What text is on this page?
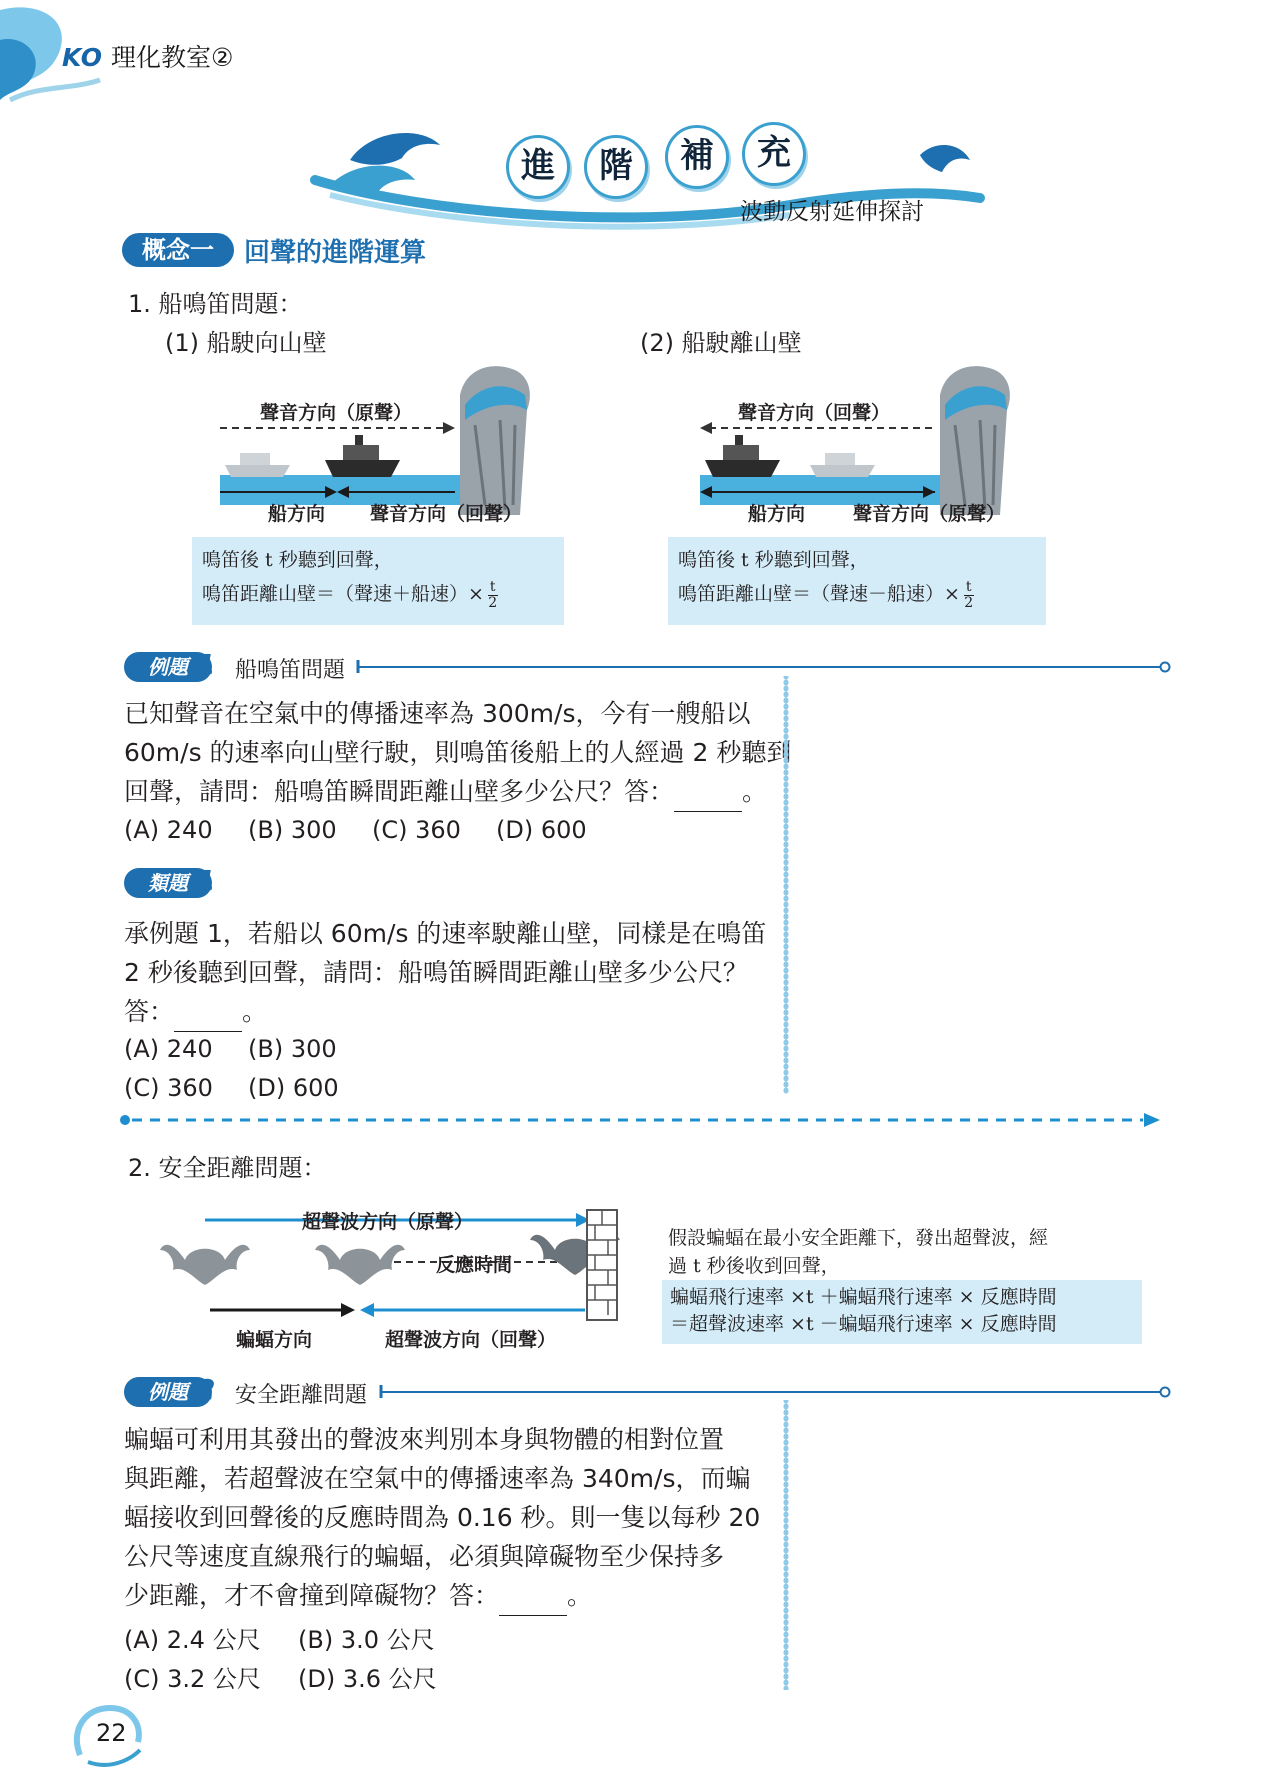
KO 理化教室②
進	階	補	充
波動反射延伸探討
概念一	回聲的進階運算
1. 船鳴笛問題：
(1) 船駛向山壁	(2) 船駛離山壁
聲音方向（原聲）
船方向 聲音方向（回聲）
鳴笛後 t 秒聽到回聲，
鳴笛距離山壁＝（聲速＋船速）× $\frac{t}{2}$
聲音方向（回聲）
船方向	聲音方向（原聲）
鳴笛後 t 秒聽到回聲，
鳴笛距離山壁＝（聲速－船速）× $\frac{t}{2}$
例題 1 船鳴笛問題
已知聲音在空氣中的傳播速率為 300m/s，今有一艘船以
60m/s 的速率向山壁行駛，則鳴笛後船上的人經過 2 秒聽到
回聲，請問：船鳴笛瞬間距離山壁多少公尺？答：	。
(A) 240 (B) 300 (C) 360 (D) 600
類題 1
承例題 1，若船以 60m/s 的速率駛離山壁，同樣是在鳴笛
2 秒後聽到回聲，請問：船鳴笛瞬間距離山壁多少公尺？
答：	。
(A) 240 (B) 300
(C) 360 (D) 600
2. 安全距離問題：
超聲波方向（原聲）
反應時間
蝙蝠方向	超聲波方向（回聲）
假設蝙蝠在最小安全距離下，發出超聲波，經
過 t 秒後收到回聲，
蝙蝠飛行速率 ×t ＋蝙蝠飛行速率 × 反應時間
＝超聲波速率 ×t －蝙蝠飛行速率 × 反應時間
例題 2 安全距離問題
蝙蝠可利用其發出的聲波來判別本身與物體的相對位置
與距離，若超聲波在空氣中的傳播速率為 340m/s，而蝙
蝠接收到回聲後的反應時間為 0.16 秒。則一隻以每秒 20
公尺等速度直線飛行的蝙蝠，必須與障礙物至少保持多
少距離，才不會撞到障礙物？答：	。
(A) 2.4 公尺 (B) 3.0 公尺
(C) 3.2 公尺 (D) 3.6 公尺
22
